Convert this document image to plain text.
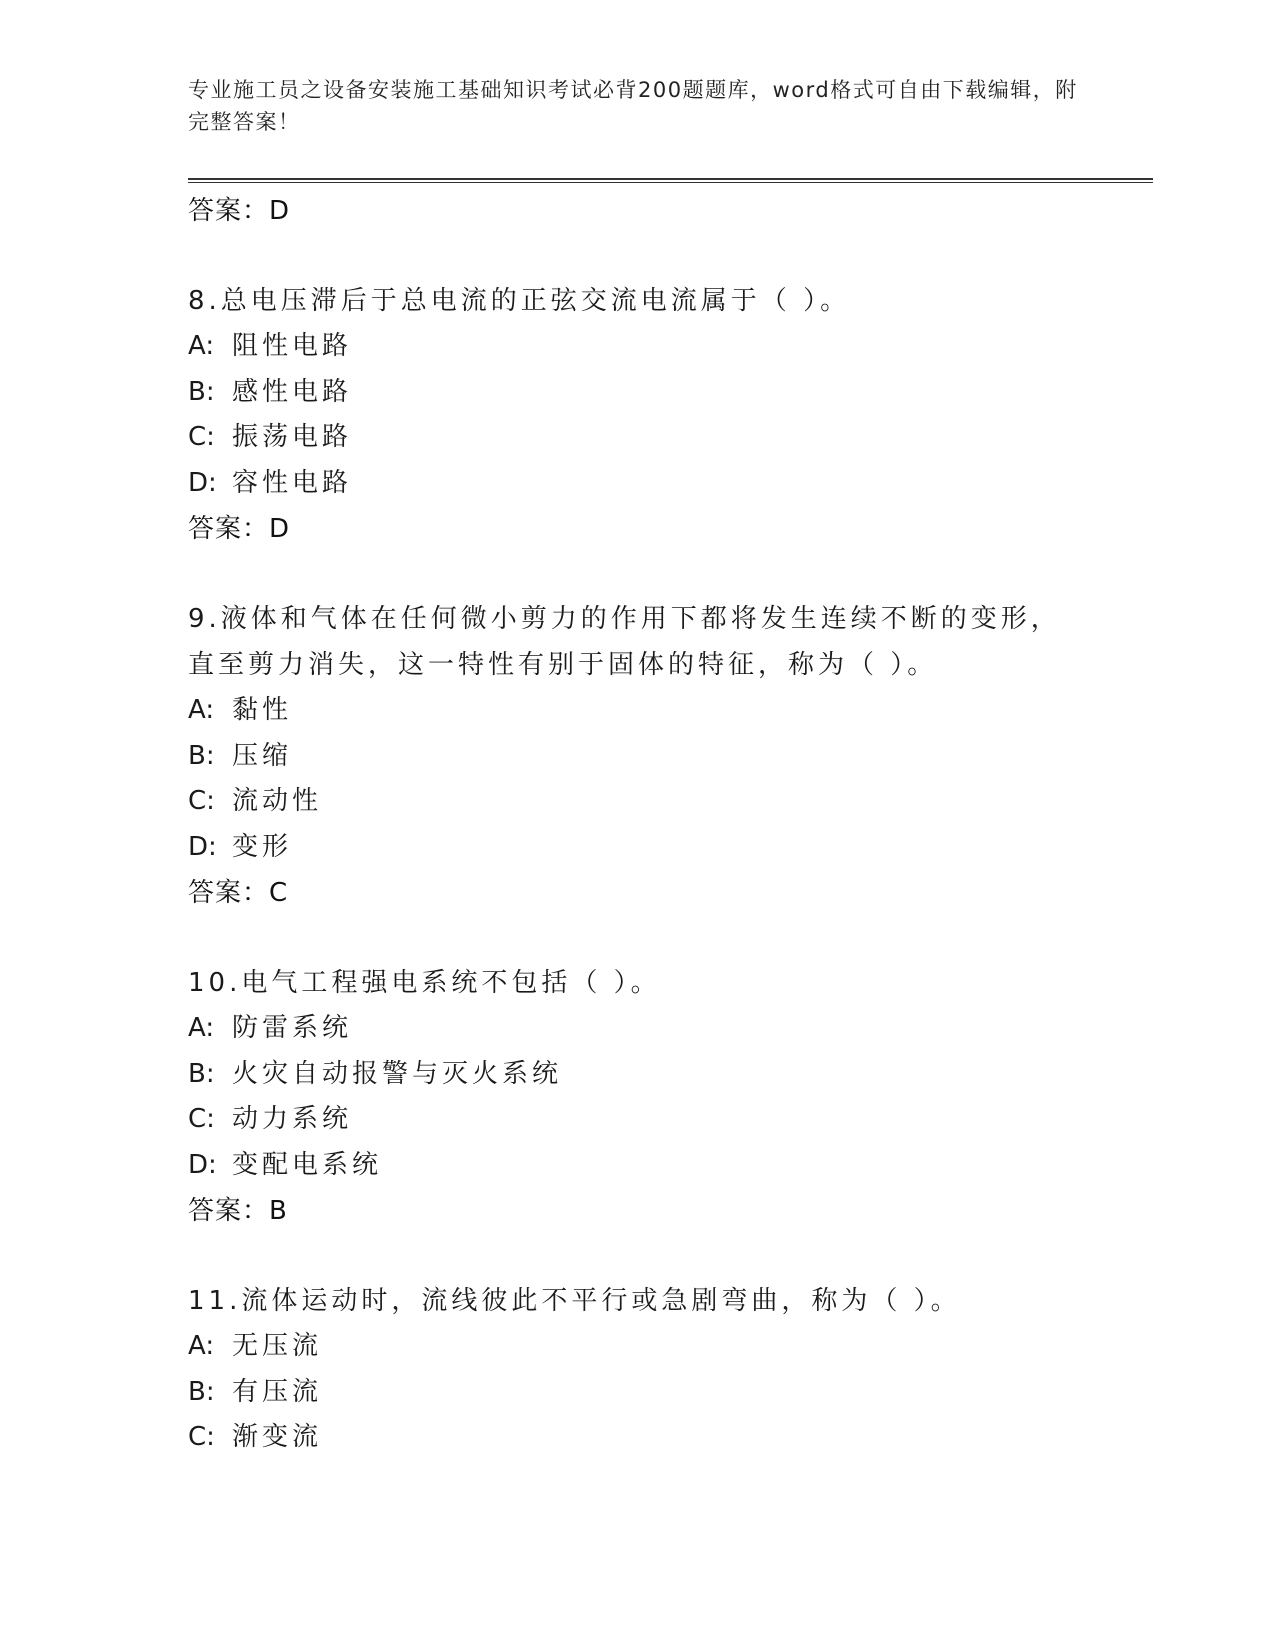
专业施工员之设备安装施工基础知识考试必背200题题库，word格式可自由下载编辑，附完整答案！
答案：D
8.总电压滞后于总电流的正弦交流电流属于（ ）。
A: 阻性电路
B: 感性电路
C: 振荡电路
D: 容性电路
答案：D
9.液体和气体在任何微小剪力的作用下都将发生连续不断的变形，直至剪力消失，这一特性有别于固体的特征，称为（ ）。
A: 黏性
B: 压缩
C: 流动性
D: 变形
答案：C
10.电气工程强电系统不包括（ ）。
A: 防雷系统
B: 火灾自动报警与灭火系统
C: 动力系统
D: 变配电系统
答案：B
11.流体运动时，流线彼此不平行或急剧弯曲，称为（ ）。
A: 无压流
B: 有压流
C: 渐变流
